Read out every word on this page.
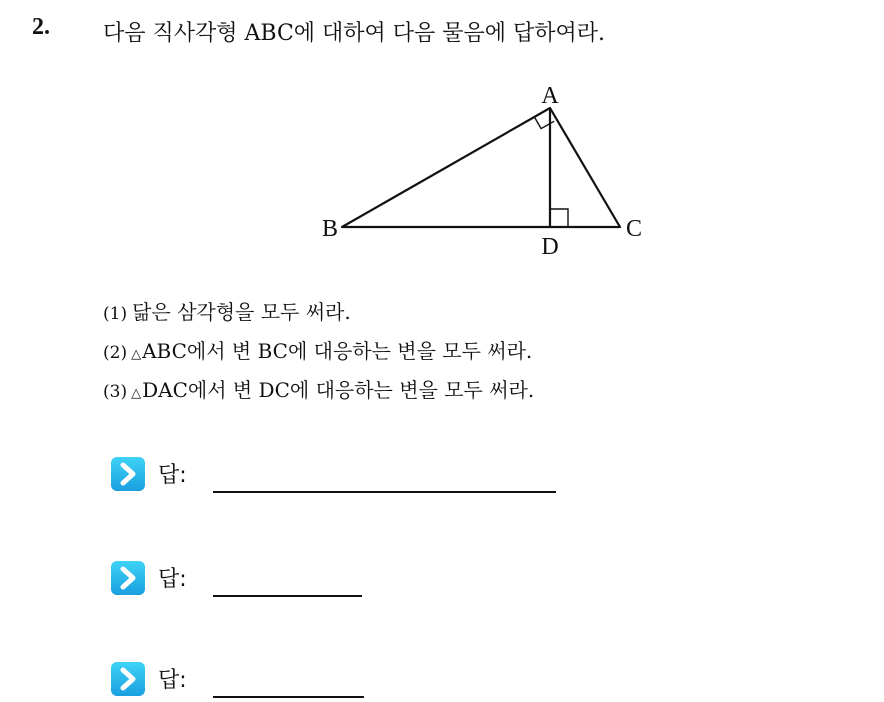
2. 다음 직사각형 ABC에 대하여 다음 물음에 답하여라.
A
B	C
D
(1) 닮은 삼각형을 모두 써라.
(2) △ABC에서 변 BC에 대응하는 변을 모두 써라.
(3) △DAC에서 변 DC에 대응하는 변을 모두 써라.
답:
답:
답:
